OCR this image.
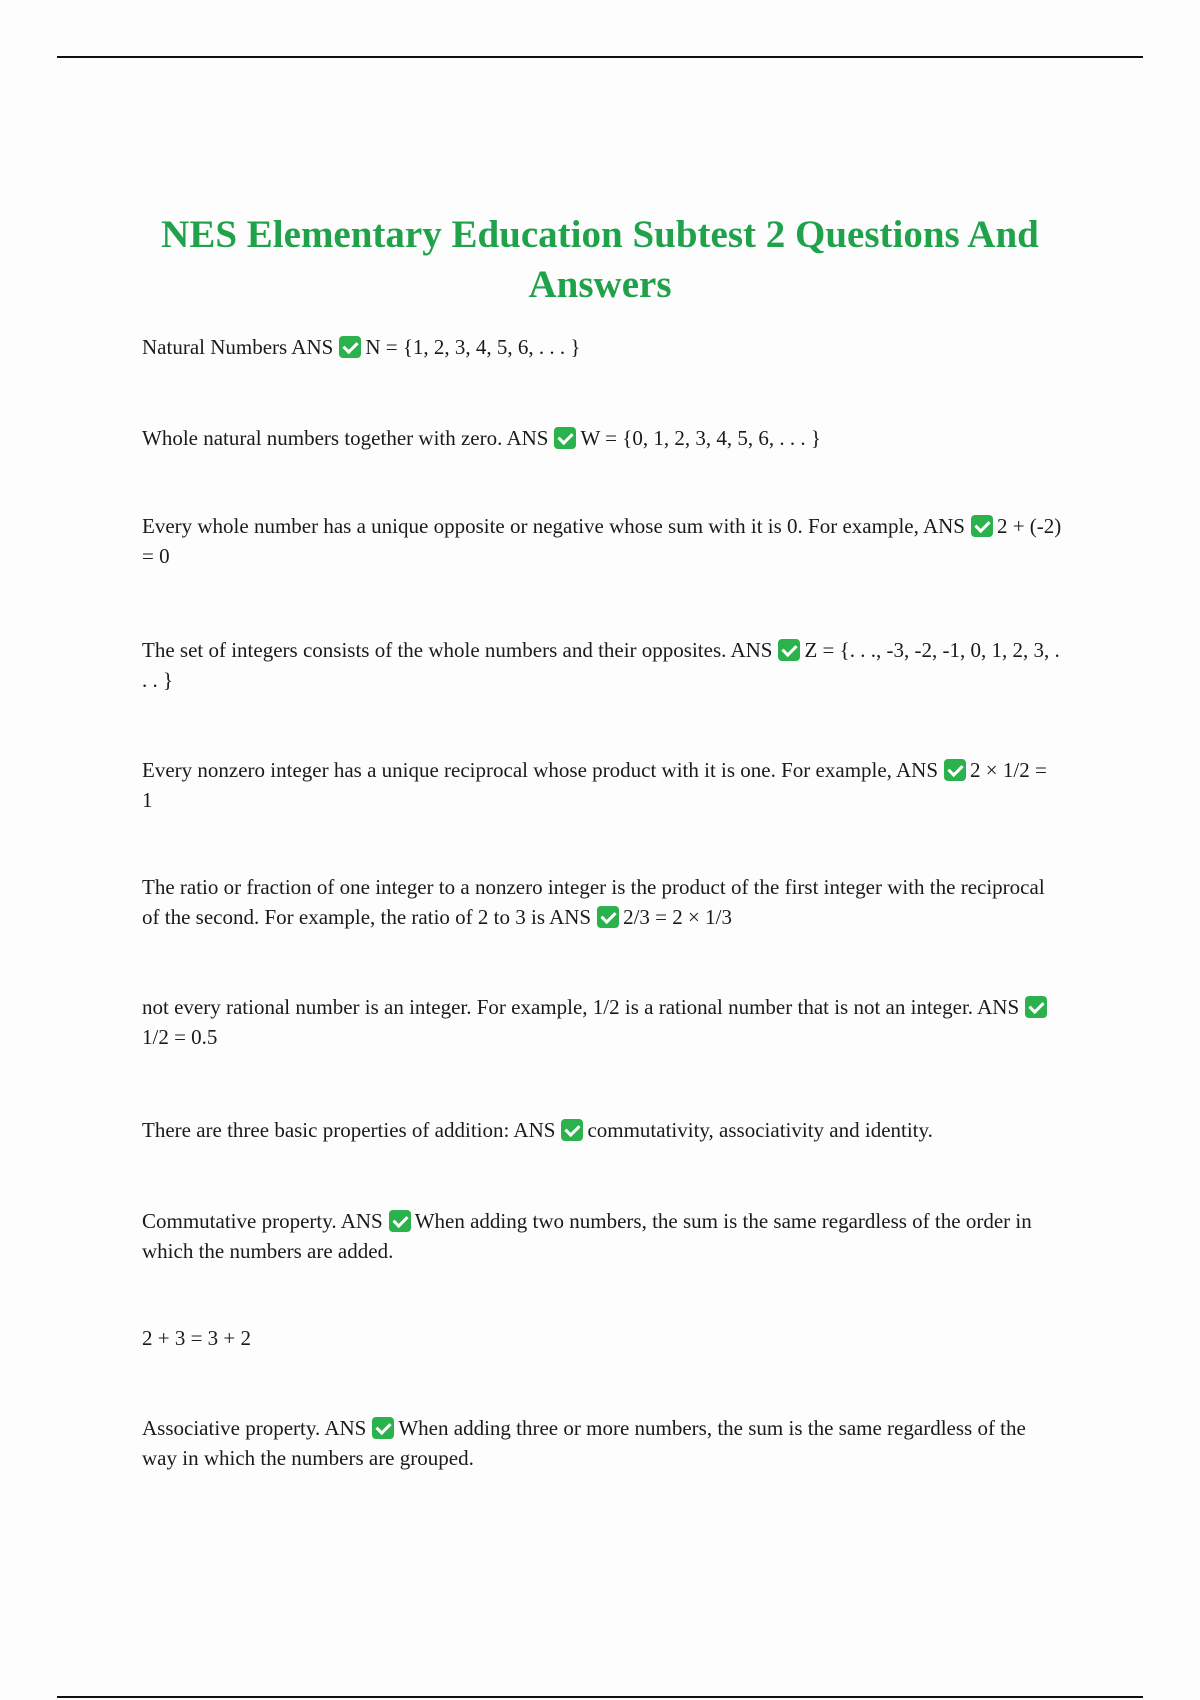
NES Elementary Education Subtest 2 Questions And Answers
Natural Numbers ANS N = {1, 2, 3, 4, 5, 6, . . . }
Whole natural numbers together with zero. ANS W = {0, 1, 2, 3, 4, 5, 6, . . . }
Every whole number has a unique opposite or negative whose sum with it is 0. For example, ANS 2 + (-2) = 0
The set of integers consists of the whole numbers and their opposites. ANS Z = {. . ., -3, -2, -1, 0, 1, 2, 3, . . . }
Every nonzero integer has a unique reciprocal whose product with it is one. For example, ANS 2 × 1/2 = 1
The ratio or fraction of one integer to a nonzero integer is the product of the first integer with the reciprocal of the second. For example, the ratio of 2 to 3 is ANS 2/3 = 2 × 1/3
not every rational number is an integer. For example, 1/2 is a rational number that is not an integer. ANS1/2 = 0.5
There are three basic properties of addition: ANS commutativity, associativity and identity.
Commutative property. ANS When adding two numbers, the sum is the same regardless of the order in which the numbers are added.
2 + 3 = 3 + 2
Associative property. ANS When adding three or more numbers, the sum is the same regardless of the way in which the numbers are grouped.
